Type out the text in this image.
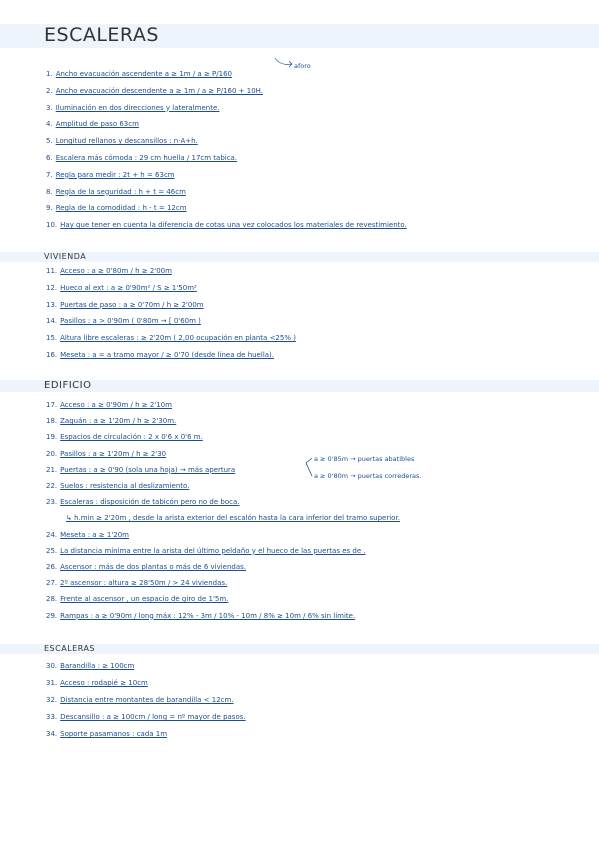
ESCALERAS
1. Ancho evacuación ascendente a ≥ 1m / a ≥ P/160
2. Ancho evacuación descendente a ≥ 1m / a ≥ P/160 + 10H.
3. Iluminación en dos direcciones y lateralmente.
4. Amplitud de paso 63cm
5. Longitud rellanos y descansillos : n·A+h.
6. Escalera más cómoda : 29 cm huella / 17cm tabica.
7. Regla para medir : 2t + h = 63cm
8. Regla de la seguridad : h + t = 46cm
9. Regla de la comodidad : h - t = 12cm
10. Hay que tener en cuenta la diferencia de cotas una vez colocados los materiales de revestimiento.
VIVIENDA
11. Acceso : a ≥ 0'80m / h ≥ 2'00m
12. Hueco al ext : a ≥ 0'90m² / S ≥ 1'50m²
13. Puertas de paso : a ≥ 0'70m / h ≥ 2'00m
14. Pasillos : a > 0'90m ( 0'80m → [ 0'60m )
15. Altura libre escaleras : ≥ 2'20m ( 2,00 ocupación en planta <25% )
16. Meseta : a = a tramo mayor / ≥ 0'70 (desde línea de huella).
EDIFICIO
17. Acceso : a ≥ 0'90m / h ≥ 2'10m
18. Zaguán : a ≥ 1'20m / h ≥ 2'30m.
19. Espacios de circulación : 2 x 0'6 x 0'6 m.
20. Pasillos : a ≥ 1'20m / h ≥ 2'30
21. Puertas : a ≥ 0'90 (sola una hoja) → más apertura
22. Suelos : resistencia al deslizamiento.
23. Escaleras : disposición de tabicón pero no de boca.
↳ h.min ≥ 2'20m , desde la arista exterior del escalón hasta la cara inferior del tramo superior.
24. Meseta : a ≥ 1'20m
25. La distancia mínima entre la arista del último peldaño y el hueco de las puertas es de .
26. Ascensor : más de dos plantas o más de 6 viviendas.
27. 2º ascensor : altura ≥ 28'50m / > 24 viviendas.
28. Frente al ascensor , un espacio de giro de 1'5m.
29. Rampas : a ≥ 0'90m / long máx : 12% - 3m / 10% - 10m / 8% ≥ 10m / 6% sin límite.
a ≥ 0'85m → puertas abatibles
a ≥ 0'80m → puertas correderas.
aforo
ESCALERAS
30. Barandilla : ≥ 100cm
31. Acceso : rodapié ≥ 10cm
32. Distancia entre montantes de barandilla < 12cm.
33. Descansillo : a ≥ 100cm / long = nº mayor de pasos.
34. Soporte pasamanos : cada 1m
